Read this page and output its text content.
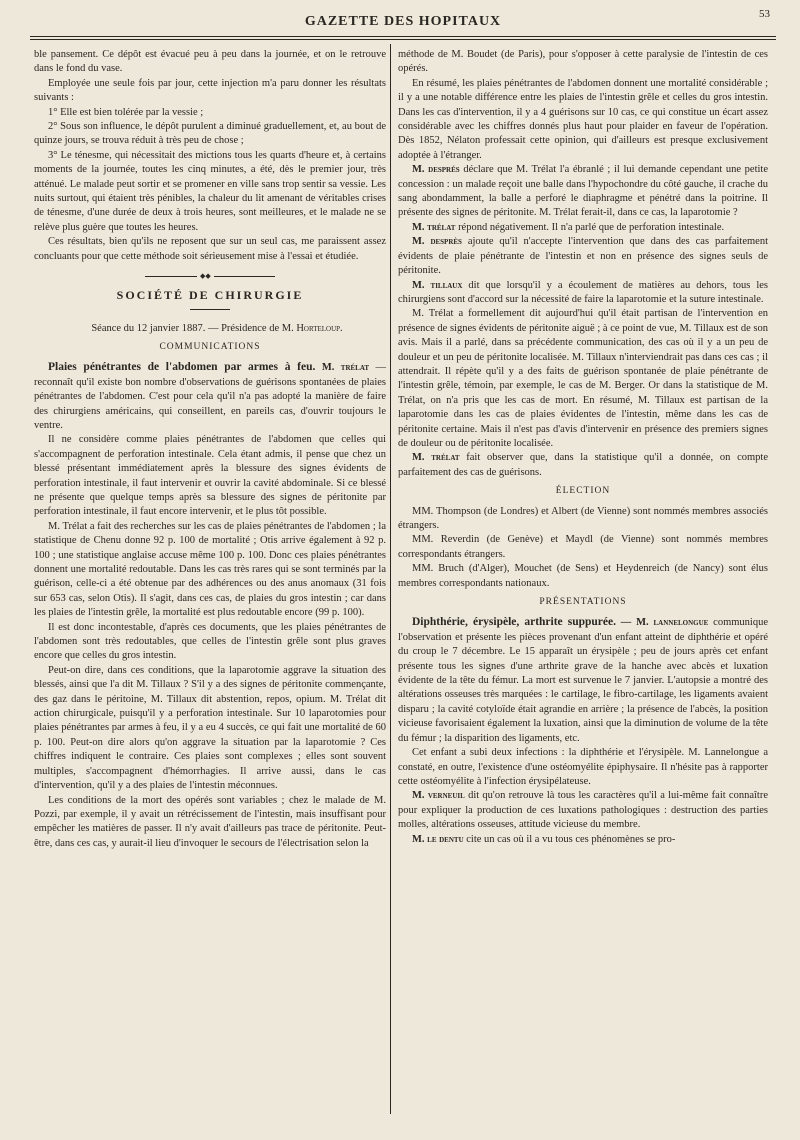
GAZETTE DES HOPITAUX	53

ble pansement. Ce dépôt est évacué peu à peu dans la journée, et on le retrouve dans le fond du vase.

Employée une seule fois par jour, cette injection m'a paru donner les résultats suivants :

1° Elle est bien tolérée par la vessie ;

2° Sous son influence, le dépôt purulent a diminué graduellement, et, au bout de quinze jours, se trouva réduit à très peu de chose ;

3° Le ténesme, qui nécessitait des mictions tous les quarts d'heure et, à certains moments de la journée, toutes les cinq minutes, a été, dès le premier jour, très atténué. Le malade peut sortir et se promener en ville sans trop sentir sa vessie. Les nuits surtout, qui étaient très pénibles, la chaleur du lit amenant de véritables crises de ténesme, d'une durée de deux à trois heures, sont meilleures, et le malade ne se relève plus guère que toutes les heures.

Ces résultats, bien qu'ils ne reposent que sur un seul cas, me paraissent assez concluants pour que cette méthode soit sérieusement mise à l'essai et étudiée.

◆◆
SOCIÉTÉ DE CHIRURGIE

Séance du 12 janvier 1887. — Présidence de M. Horteloup.

COMMUNICATIONS

Plaies pénétrantes de l'abdomen par armes à feu. M. trélat — reconnaît qu'il existe bon nombre d'observations de guérisons spontanées de plaies pénétrantes de l'abdomen. C'est pour cela qu'il n'a pas adopté la manière de faire des chirurgiens américains, qui conseillent, en pareils cas, d'ouvrir toujours le ventre.

Il ne considère comme plaies pénétrantes de l'abdomen que celles qui s'accompagnent de perforation intestinale. Cela étant admis, il pense que chez un blessé présentant immédiatement après la blessure des signes évidents de perforation intestinale, il faut intervenir et ouvrir la cavité abdominale. Si ce blessé ne présente que quelque temps après sa blessure des signes de péritonite par perforation intestinale, il faut encore intervenir, et le plus tôt possible.

M. Trélat a fait des recherches sur les cas de plaies pénétrantes de l'abdomen ; la statistique de Chenu donne 92 p. 100 de mortalité ; Otis arrive également à 92 p. 100 ; une statistique anglaise accuse même 100 p. 100. Donc ces plaies pénétrantes donnent une mortalité redoutable. Dans les cas très rares qui se sont terminés par la guérison, celle-ci a été obtenue par des adhérences ou des anus anomaux (31 fois sur 653 cas, selon Otis). Il s'agit, dans ces cas, de plaies du gros intestin ; car dans les plaies de l'intestin grêle, la mortalité est plus redoutable encore (99 p. 100).

Il est donc incontestable, d'après ces documents, que les plaies pénétrantes de l'abdomen sont très redoutables, que celles de l'intestin grêle sont plus graves encore que celles du gros intestin.

Peut-on dire, dans ces conditions, que la laparotomie aggrave la situation des blessés, ainsi que l'a dit M. Tillaux ? S'il y a des signes de péritonite commençante, des gaz dans le péritoine, M. Tillaux dit abstention, repos, opium. M. Trélat dit action chirurgicale, puisqu'il y a perforation intestinale. Sur 10 laparotomies pour plaies pénétrantes par armes à feu, il y a eu 4 succès, ce qui fait une mortalité de 60 p. 100. Peut-on dire alors qu'on aggrave la situation par la laparotomie ? Ces chiffres indiquent le contraire. Ces plaies sont complexes ; elles sont souvent multiples, s'accompagnent d'hémorrhagies. Il arrive aussi, dans le cas d'intervention, qu'il y a des plaies de l'intestin méconnues.

Les conditions de la mort des opérés sont variables ; chez le malade de M. Pozzi, par exemple, il y avait un rétrécissement de l'intestin, mais insuffisant pour empêcher les matières de passer. Il n'y avait d'ailleurs pas trace de péritonite. Peut-être, dans ces cas, y aurait-il lieu d'invoquer le secours de l'électrisation selon la

méthode de M. Boudet (de Paris), pour s'opposer à cette paralysie de l'intestin de ces opérés.

En résumé, les plaies pénétrantes de l'abdomen donnent une mortalité considérable ; il y a une notable différence entre les plaies de l'intestin grêle et celles du gros intestin. Dans les cas d'intervention, il y a 4 guérisons sur 10 cas, ce qui constitue un écart assez considérable avec les chiffres donnés plus haut pour plaider en faveur de l'opération. Dès 1852, Nélaton professait cette opinion, qui d'ailleurs est presque exclusivement adoptée à l'étranger.

M. després déclare que M. Trélat l'a ébranlé ; il lui demande cependant une petite concession : un malade reçoit une balle dans l'hypochondre du côté gauche, il crache du sang abondamment, la balle a perforé le diaphragme et pénétré dans la poitrine. Il présente des signes de péritonite. M. Trélat ferait-il, dans ce cas, la laparotomie ?

M. trélat répond négativement. Il n'a parlé que de perforation intestinale.

M. desprès ajoute qu'il n'accepte l'intervention que dans des cas parfaitement évidents de plaie pénétrante de l'intestin et non en présence des signes seuls de péritonite.

M. tillaux dit que lorsqu'il y a écoulement de matières au dehors, tous les chirurgiens sont d'accord sur la nécessité de faire la laparotomie et la suture intestinale.

M. Trélat a formellement dit aujourd'hui qu'il était partisan de l'intervention en présence de signes évidents de péritonite aiguë ; à ce point de vue, M. Tillaux est de son avis. Mais il a parlé, dans sa précédente communication, des cas où il y a un peu de douleur et un peu de péritonite localisée. M. Tillaux n'interviendrait pas dans ces cas ; il attendrait. Il répète qu'il y a des faits de guérison spontanée de plaie pénétrante de l'intestin grêle, témoin, par exemple, le cas de M. Berger. Or dans la statistique de M. Trélat, on n'a pris que les cas de mort. En résumé, M. Tillaux est partisan de la laparotomie dans les cas de plaies évidentes de l'intestin, même dans les cas de péritonite certaine. Mais il n'est pas d'avis d'intervenir en présence des premiers signes de douleur ou de péritonite localisée.

M. trélat fait observer que, dans la statistique qu'il a donnée, on compte parfaitement des cas de guérisons.

ÉLECTION

MM. Thompson (de Londres) et Albert (de Vienne) sont nommés membres associés étrangers.

MM. Reverdin (de Genève) et Maydl (de Vienne) sont nommés membres correspondants étrangers.

MM. Bruch (d'Alger), Mouchet (de Sens) et Heydenreich (de Nancy) sont élus membres correspondants nationaux.

PRÉSENTATIONS

Diphthérie, érysipèle, arthrite suppurée. — M. lannelongue communique l'observation et présente les pièces provenant d'un enfant atteint de diphthérie et opéré du croup le 7 décembre. Le 15 apparaît un érysipèle ; peu de jours après cet enfant présente tous les signes d'une arthrite grave de la hanche avec abcès et luxation évidente de la tête du fémur. La mort est survenue le 7 janvier. L'autopsie a montré des altérations osseuses très marquées : le cartilage, le fibro-cartilage, les ligaments avaient disparu ; la cavité cotyloïde était agrandie en arrière ; la présence de l'abcès, la position vicieuse favorisaient également la luxation, ainsi que la diminution de volume de la tête du fémur ; la disparition des ligaments, etc.

Cet enfant a subi deux infections : la diphthérie et l'érysipèle. M. Lannelongue a constaté, en outre, l'existence d'une ostéomyélite épiphysaire. Il n'hésite pas à rapporter cette ostéomyélite à l'infection érysipélateuse.

M. verneuil dit qu'on retrouve là tous les caractères qu'il a lui-même fait connaître pour expliquer la production de ces luxations pathologiques : destruction des parties molles, altérations osseuses, attitude vicieuse du membre.

M. le dentu cite un cas où il a vu tous ces phénomènes se pro-
